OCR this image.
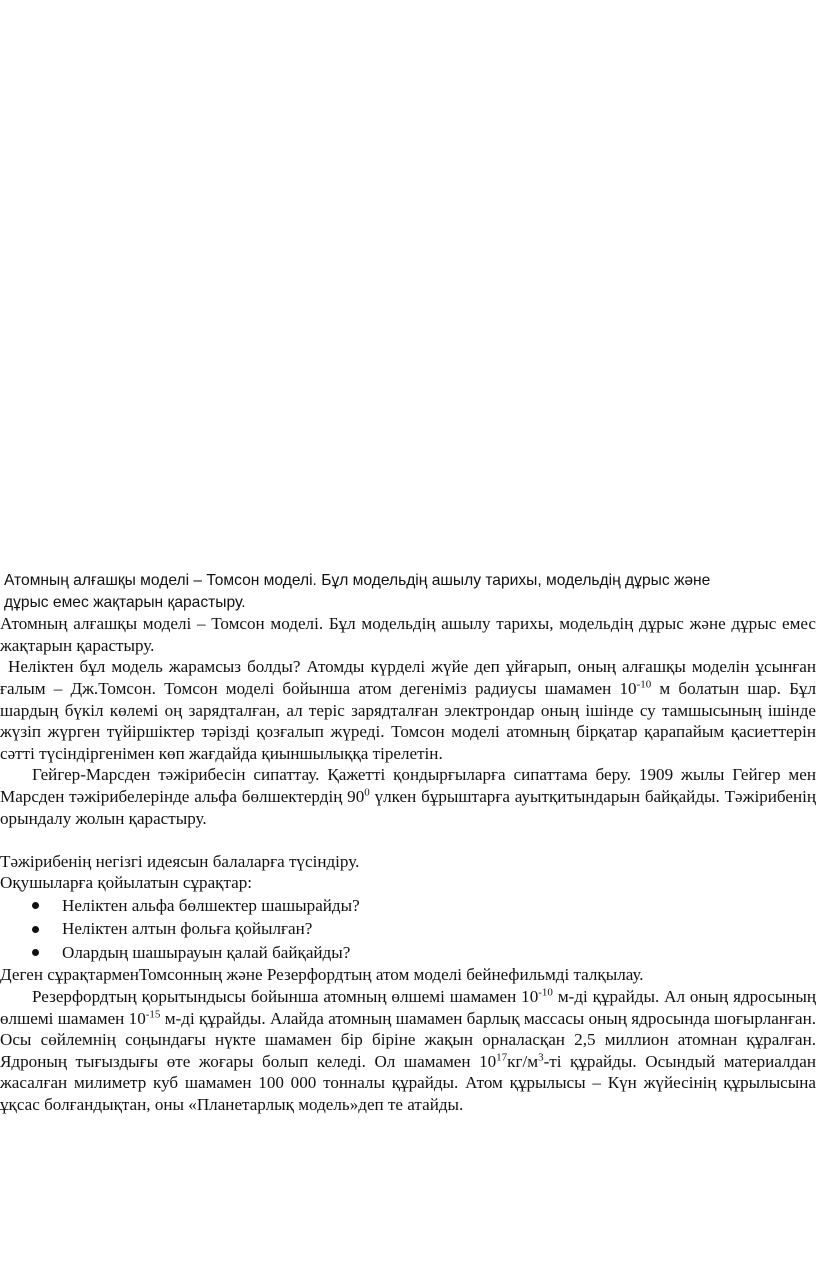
Атомның алғашқы моделі – Томсон моделі. Бұл модельдің ашылу тарихы, модельдің дұрыс және

дұрыс емес жақтарын қарастыру.

Атомның алғашқы моделі – Томсон моделі. Бұл модельдің ашылу тарихы, модельдің дұрыс және дұрыс емес жақтарын қарастыру.

Неліктен бұл модель жарамсыз болды? Атомды күрделі жүйе деп ұйғарып, оның алғашқы моделін ұсынған ғалым – Дж.Томсон. Томсон моделі бойынша атом дегеніміз радиусы шамамен $10^{-10}$ м болатын шар. Бұл шардың бүкіл көлемі оң зарядталған, ал теріс зарядталған электрондар оның ішінде су тамшысының ішінде жүзіп жүрген түйіршіктер тәрізді қозғалып жүреді. Томсон моделі атомның бірқатар қарапайым қасиеттерін сәтті түсіндіргенімен көп жағдайда қиыншылыққа тірелетін.

Гейгер-Марсден тәжірибесін сипаттау. Қажетті қондырғыларға сипаттама беру. 1909 жылы Гейгер мен Марсден тәжірибелерінде альфа бөлшектердің $90^0$ үлкен бұрыштарға ауытқитындарын байқайды. Тәжірибенің орындалу жолын қарастыру.

Тәжірибенің негізгі идеясын балаларға түсіндіру.

Оқушыларға қойылатын сұрақтар:

Неліктен альфа бөлшектер шашырайды?
Неліктен алтын фольға қойылған?
Олардың шашырауын қалай байқайды?

Деген сұрақтарменТомсонның және Резерфордтың атом моделі бейнефильмді талқылау.

Резерфордтың қорытындысы бойынша атомның өлшемі шамамен $10^{-10}$ м-ді құрайды. Ал оның ядросының өлшемі шамамен $10^{-15}$ м-ді құрайды. Алайда атомның шамамен барлық массасы оның ядросында шоғырланған. Осы сөйлемнің соңындағы нүкте шамамен бір біріне жақын орналасқан 2,5 миллион атомнан құралған. Ядроның тығыздығы өте жоғары болып келеді. Ол шамамен $10^{17}кг/м^3-ті$ құрайды. Осындый материалдан жасалған милиметр куб шамамен 100 000 тонналы құрайды. Атом құрылысы – Күн жүйесінің құрылысына ұқсас болғандықтан, оны «Планетарлық модель»деп те атайды.
